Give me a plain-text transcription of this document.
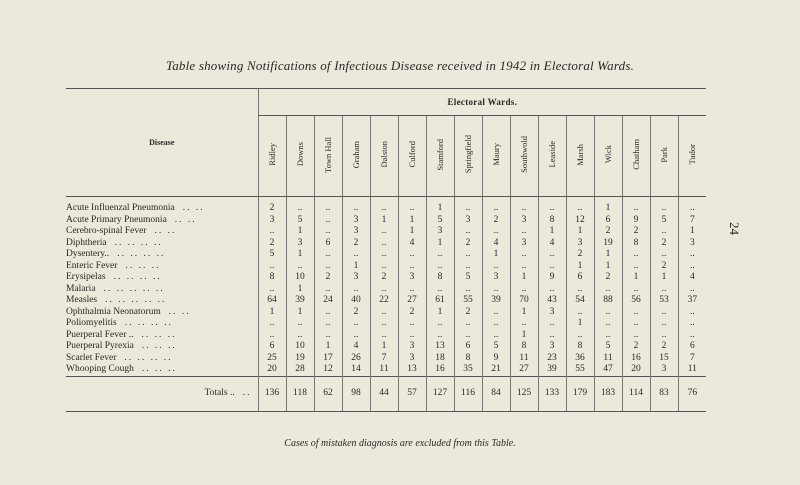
Table showing Notifications of Infectious Disease received in 1942 in Electoral Wards.
24
Disease	Electoral Wards.															
	Ridley	Downs	Town Hall	Graham	Dalston	Culford	Stamford	Springfield	Maury	Southwold	Leaside	Marsh	Wick	Chatham	Park	Tudor
Acute Influenzal Pneumonia .. ..	2	..	..	..	..	..	1	..	..	..	..	..	1	..	..	..
Acute Primary Pneumonia .. ..	3	5	..	3	1	1	5	3	2	3	8	12	6	9	5	7
Cerebro-spinal Fever .. ..	..	1	..	3	..	1	3	..	..	..	1	1	2	2	..	1
Diphtheria .. .. .. ..	2	3	6	2	..	4	1	2	4	3	4	3	19	8	2	3
Dysentery.. .. .. .. ..	5	1	..	..	..	..	..	..	1	..	..	2	1	..	..	..
Enteric Fever .. .. ..	..	..	..	1	..	..	..	..	..	..	..	1	1	..	2	..
Erysipelas .. .. .. ..	8	10	2	3	2	3	8	5	3	1	9	6	2	1	1	4
Malaria .. .. .. .. ..	..	1	..	..	..	..	..	..	..	..	..	..	..	..	..	..
Measles .. .. .. .. ..	64	39	24	40	22	27	61	55	39	70	43	54	88	56	53	37
Ophthalmia Neonatorum .. ..	1	1	..	2	..	2	1	2	..	1	3	..	..	..	..	..
Poliomyelitis .. .. .. ..	..	..	..	..	..	..	..	..	..	..	..	1	..	..	..	..
Puerperal Fever .. .. .. ..	..	..	..	..	..	..	..	..	..	1	..	..	..	..	..	..
Puerperal Pyrexia .. .. ..	6	10	1	4	1	3	13	6	5	8	3	8	5	2	2	6
Scarlet Fever .. .. .. ..	25	19	17	26	7	3	18	8	9	11	23	36	11	16	15	7
Whooping Cough .. .. ..	20	28	12	14	11	13	16	35	21	27	39	55	47	20	3	11
Totals .. ..	136	118	62	98	44	57	127	116	84	125	133	179	183	114	83	76
Cases of mistaken diagnosis are excluded from this Table.
